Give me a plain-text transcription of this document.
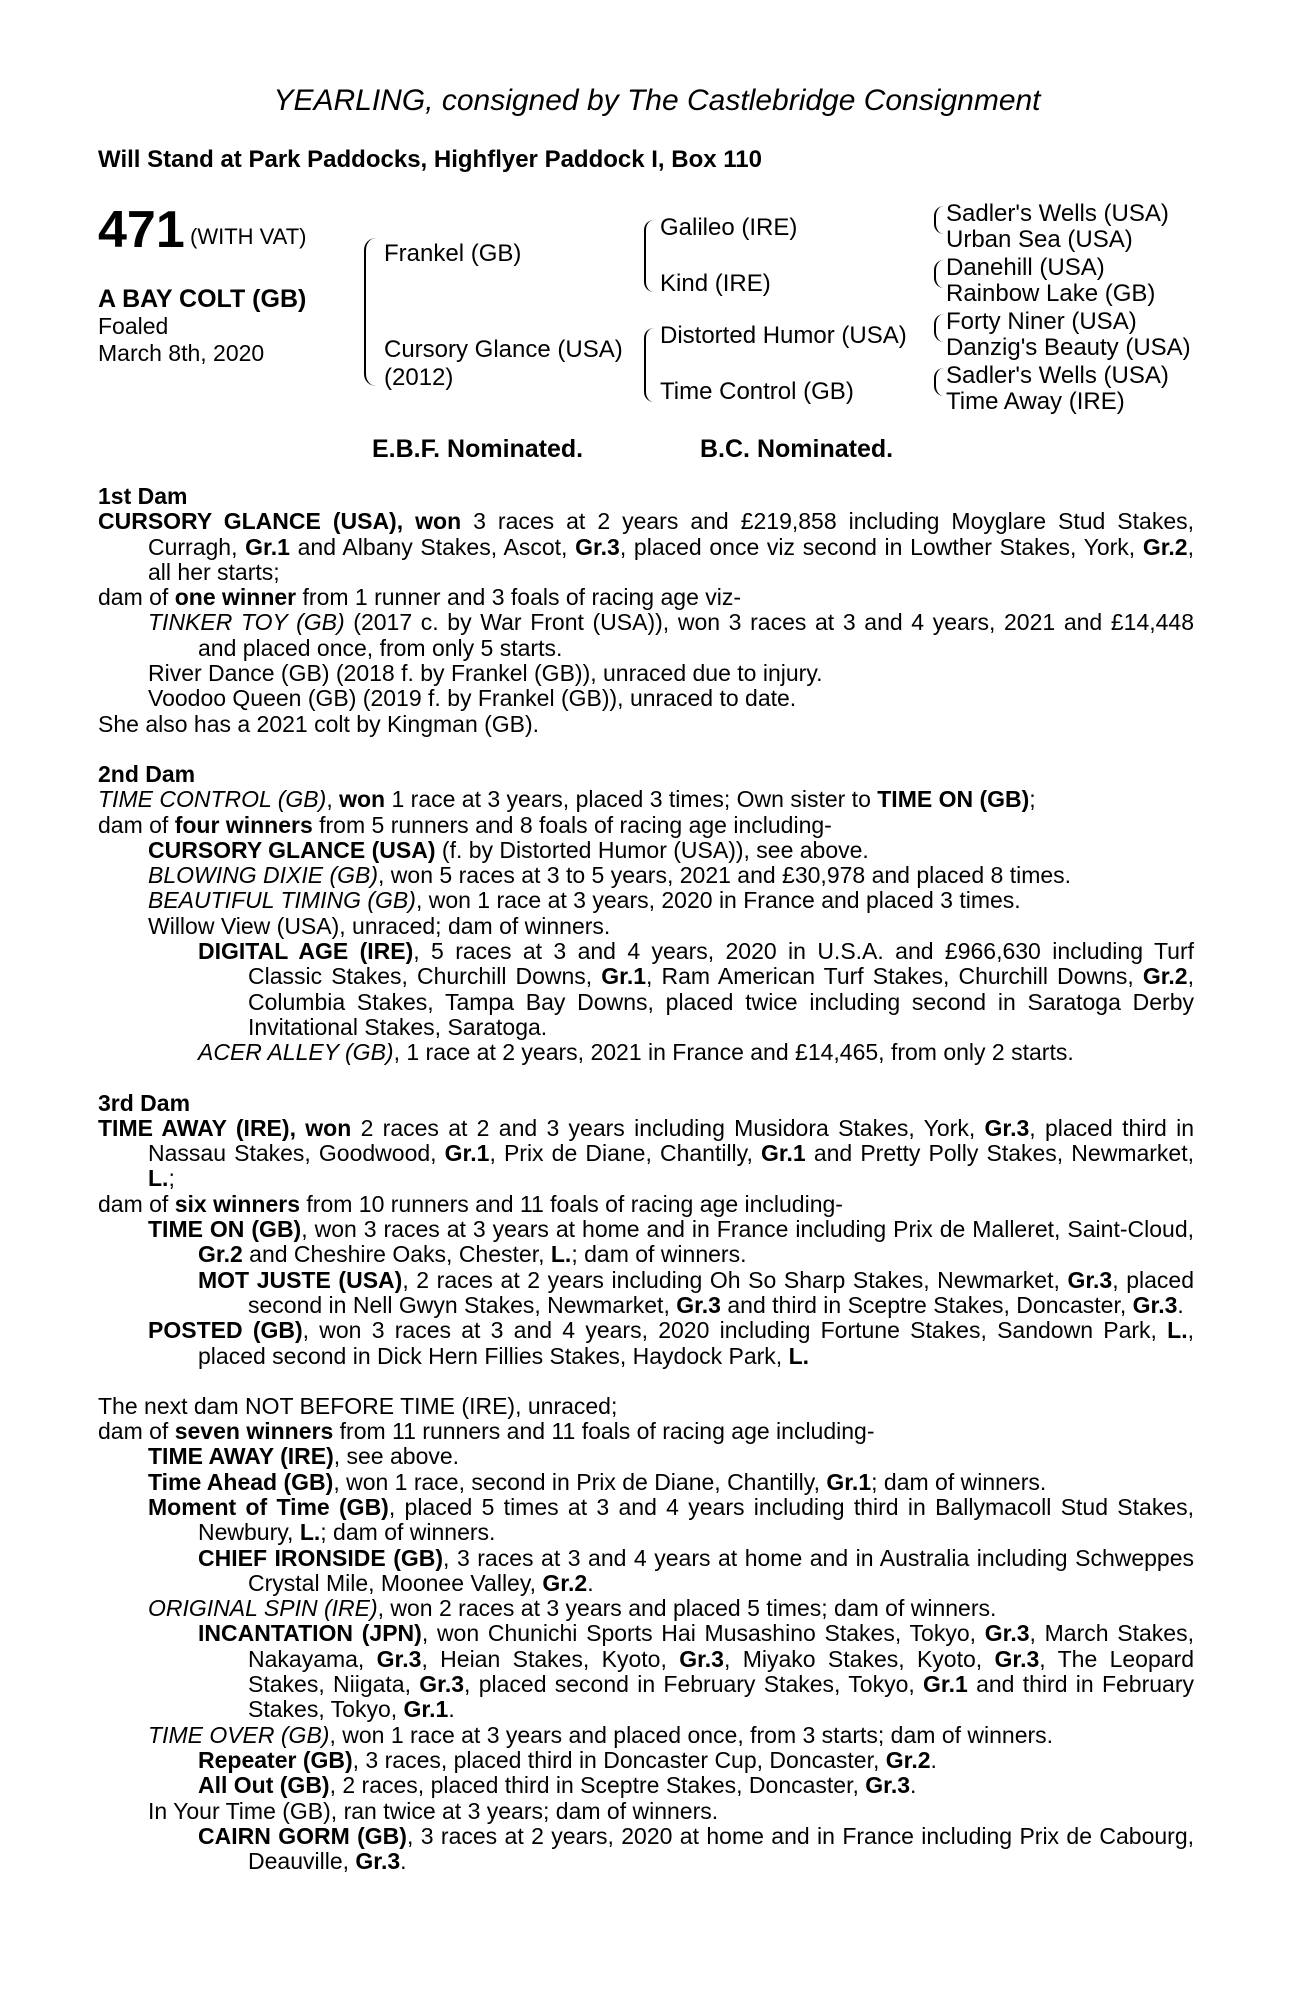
YEARLING, consigned by The Castlebridge Consignment
Will Stand at Park Paddocks, Highflyer Paddock I, Box 110
471 (WITH VAT)
A BAY COLT (GB)
Foaled
March 8th, 2020
Frankel (GB)
Cursory Glance (USA)
(2012)
Galileo (IRE)
Kind (IRE)
Distorted Humor (USA)
Time Control (GB)
Sadler's Wells (USA)
Urban Sea (USA)
Danehill (USA)
Rainbow Lake (GB)
Forty Niner (USA)
Danzig's Beauty (USA)
Sadler's Wells (USA)
Time Away (IRE)
E.B.F. Nominated.	B.C. Nominated.
1st Dam

CURSORY GLANCE (USA), won 3 races at 2 years and £219,858 including Moyglare Stud Stakes, Curragh, Gr.1 and Albany Stakes, Ascot, Gr.3, placed once viz second in Lowther Stakes, York, Gr.2, all her starts;

dam of one winner from 1 runner and 3 foals of racing age viz-

TINKER TOY (GB) (2017 c. by War Front (USA)), won 3 races at 3 and 4 years, 2021 and £14,448 and placed once, from only 5 starts.

River Dance (GB) (2018 f. by Frankel (GB)), unraced due to injury.

Voodoo Queen (GB) (2019 f. by Frankel (GB)), unraced to date.

She also has a 2021 colt by Kingman (GB).

2nd Dam

TIME CONTROL (GB), won 1 race at 3 years, placed 3 times; Own sister to TIME ON (GB);

dam of four winners from 5 runners and 8 foals of racing age including-

CURSORY GLANCE (USA) (f. by Distorted Humor (USA)), see above.

BLOWING DIXIE (GB), won 5 races at 3 to 5 years, 2021 and £30,978 and placed 8 times.

BEAUTIFUL TIMING (GB), won 1 race at 3 years, 2020 in France and placed 3 times.

Willow View (USA), unraced; dam of winners.

DIGITAL AGE (IRE), 5 races at 3 and 4 years, 2020 in U.S.A. and £966,630 including Turf Classic Stakes, Churchill Downs, Gr.1, Ram American Turf Stakes, Churchill Downs, Gr.2, Columbia Stakes, Tampa Bay Downs, placed twice including second in Saratoga Derby Invitational Stakes, Saratoga.

ACER ALLEY (GB), 1 race at 2 years, 2021 in France and £14,465, from only 2 starts.

3rd Dam

TIME AWAY (IRE), won 2 races at 2 and 3 years including Musidora Stakes, York, Gr.3, placed third in Nassau Stakes, Goodwood, Gr.1, Prix de Diane, Chantilly, Gr.1 and Pretty Polly Stakes, Newmarket, L.;

dam of six winners from 10 runners and 11 foals of racing age including-

TIME ON (GB), won 3 races at 3 years at home and in France including Prix de Malleret, Saint-Cloud, Gr.2 and Cheshire Oaks, Chester, L.; dam of winners.

MOT JUSTE (USA), 2 races at 2 years including Oh So Sharp Stakes, Newmarket, Gr.3, placed second in Nell Gwyn Stakes, Newmarket, Gr.3 and third in Sceptre Stakes, Doncaster, Gr.3.

POSTED (GB), won 3 races at 3 and 4 years, 2020 including Fortune Stakes, Sandown Park, L., placed second in Dick Hern Fillies Stakes, Haydock Park, L.

The next dam NOT BEFORE TIME (IRE), unraced;

dam of seven winners from 11 runners and 11 foals of racing age including-

TIME AWAY (IRE), see above.

Time Ahead (GB), won 1 race, second in Prix de Diane, Chantilly, Gr.1; dam of winners.

Moment of Time (GB), placed 5 times at 3 and 4 years including third in Ballymacoll Stud Stakes, Newbury, L.; dam of winners.

CHIEF IRONSIDE (GB), 3 races at 3 and 4 years at home and in Australia including Schweppes Crystal Mile, Moonee Valley, Gr.2.

ORIGINAL SPIN (IRE), won 2 races at 3 years and placed 5 times; dam of winners.

INCANTATION (JPN), won Chunichi Sports Hai Musashino Stakes, Tokyo, Gr.3, March Stakes, Nakayama, Gr.3, Heian Stakes, Kyoto, Gr.3, Miyako Stakes, Kyoto, Gr.3, The Leopard Stakes, Niigata, Gr.3, placed second in February Stakes, Tokyo, Gr.1 and third in February Stakes, Tokyo, Gr.1.

TIME OVER (GB), won 1 race at 3 years and placed once, from 3 starts; dam of winners.

Repeater (GB), 3 races, placed third in Doncaster Cup, Doncaster, Gr.2.

All Out (GB), 2 races, placed third in Sceptre Stakes, Doncaster, Gr.3.

In Your Time (GB), ran twice at 3 years; dam of winners.

CAIRN GORM (GB), 3 races at 2 years, 2020 at home and in France including Prix de Cabourg, Deauville, Gr.3.
